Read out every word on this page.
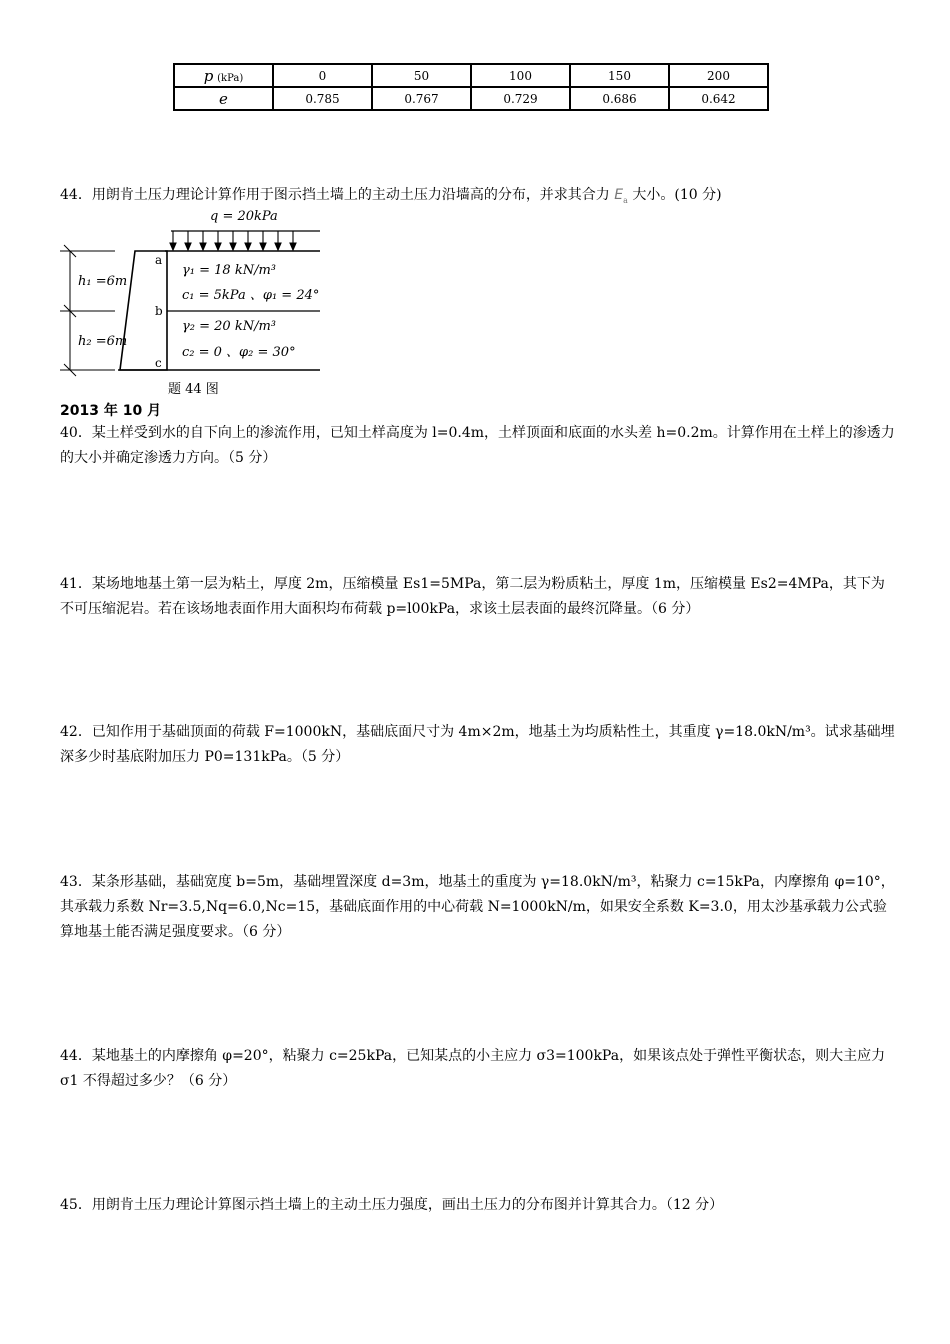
p (kPa)	0	50	100	150	200
e	0.785	0.767	0.729	0.686	0.642

44．用朗肯土压力理论计算作用于图示挡土墙上的主动土压力沿墙高的分布，并求其合力 $E_a$ 大小。(10 分)

q = 20kPa
h₁ =6m
h₂ =6m
a
b
c
γ₁ = 18 kN/m³
c₁ = 5kPa 、φ₁ = 24°
γ₂ = 20 kN/m³
c₂ = 0 、φ₂ = 30°
题 44 图
2013 年 10 月

40．某土样受到水的自下向上的渗流作用，已知土样高度为 l=0.4m，土样顶面和底面的水头差 h=0.2m。计算作用在土样上的渗透力的大小并确定渗透力方向。（5 分）

41．某场地地基土第一层为粘土，厚度 2m，压缩模量 Es1=5MPa，第二层为粉质粘土，厚度 1m，压缩模量 Es2=4MPa，其下为不可压缩泥岩。若在该场地表面作用大面积均布荷载 p=l00kPa，求该土层表面的最终沉降量。（6 分）

42．已知作用于基础顶面的荷载 F=1000kN，基础底面尺寸为 4m×2m，地基土为均质粘性土，其重度 γ=18.0kN/m³。试求基础埋深多少时基底附加压力 P0=131kPa。（5 分）

43．某条形基础，基础宽度 b=5m，基础埋置深度 d=3m，地基土的重度为 γ=18.0kN/m³，粘聚力 c=15kPa，内摩擦角 φ=10°，其承载力系数 Nr=3.5,Nq=6.0,Nc=15，基础底面作用的中心荷载 N=1000kN/m，如果安全系数 K=3.0，用太沙基承载力公式验算地基土能否满足强度要求。（6 分）

44．某地基土的内摩擦角 φ=20°，粘聚力 c=25kPa，已知某点的小主应力 σ3=100kPa，如果该点处于弹性平衡状态，则大主应力 σ1 不得超过多少？（6 分）

45．用朗肯土压力理论计算图示挡土墙上的主动土压力强度，画出土压力的分布图并计算其合力。（12 分）
